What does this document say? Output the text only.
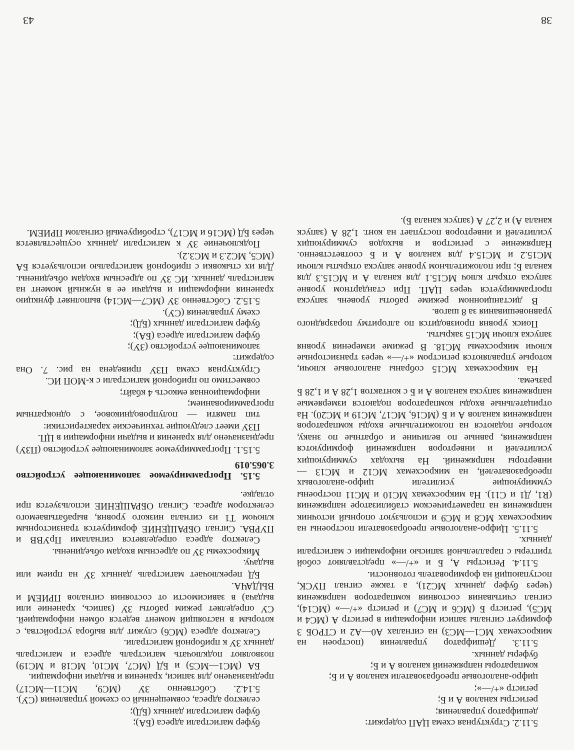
5.11.2. Структурная схема ЦАП содержит:

дешифратор управления;

регистры каналов А и Б;

регистр «+/—»;

цифро-аналоговые преобразователи каналов А и Б;

компараторы напряжений каналов А и Б;

буферы данных.

5.11.3. Дешифратор управления (построен на микросхемах МС1—МС3) на сигналах А0—А2 и СТРОБ 3 формирует сигналы записи информации в регистр А (МС4 и МС5), регистр Б (МС6 и МС7) и регистр «+/—» (МС14), сигнал считывания состояния компараторов напряжения (через буфер данных МС21), а также сигнал ПУСК, поступающий на формирователь готовности.

5.11.4. Регистры А, Б и «+/—» представляют собой триггеры с параллельной записью информации с магистрали данных.

5.11.5. Цифро-аналоговые преобразователи построены на микросхемах МС8 и МС9 и используют опорный источник напряжения на параметрическом стабилизаторе напряжения (R1, Д1 и С11). На микросхемах МС10 и МС11 построены суммирующие усилители цифро-аналоговых преобразователей, на микросхемах МС12 и МС13 — инверторы напряжений. На выходах суммирующих усилителей и инверторов напряжений формируются напряжения, равные по величине и обратные по знаку, которые подаются на положительные входы компараторов напряжения каналов А и Б (МС16, МС17, МС19 и МС20). На отрицательные входы компараторов подаются измеряемые напряжения запуска каналов А и Б с контактов 1,28 А и 1,28 Б разъема.

На микросхемах МС15 собраны аналоговые ключи, которые управляются регистром «+/—» через транзисторные ключи микросхемы МС18. В режиме измерения уровня запуска ключи МС15 закрыты.

Поиск уровня производится по алгоритму поразрядного уравновешивания за 8 шагов.

В дистанционном режиме работы уровень запуска программируется через ЦАП. При стандартном уровне запуска открыт ключ МС15.1 для канала А и МС15.3 для канала Б; при положительном уровне запуска открыты ключи МС15.2 и МС15.4 для каналов А и Б соответственно. Напряжение с регистров и выходов суммирующих усилителей и инверторов поступает на конт. 1,28 А (запуск канала А) и 2,27 А (запуск канала Б).

буфер магистрали адреса (БА);

буфер магистрали данных (БД);

селектор адреса, совмещенный со схемой управления (СУ).

5.14.2. Собственно ЗУ (МС9, МС11—МС17) предназначено для записи, хранения и выдачи информации.

БА (МС1—МС5) и БД (МС7, МС10, МС18 и МС19) позволяют подключать магистраль адреса и магистраль данных ЗУ к приборной магистрали.

Селектор адреса (МС6) служит для выбора устройства, с которым в настоящий момент ведется обмен информацией. СУ определяет режим работы ЗУ (запись, хранение или выдача) в зависимости от состояния сигналов ПРИЕМ и ВЫДАЧА.

БД переключает магистраль данных ЗУ на прием или выдачу.

Микросхемы ЗУ по адресным входам объединены.

Селектор адреса определяется сигналами ПрУВВ и ПУРВА. Сигнал ОБРАЩЕНИЕ формируется транзисторным ключом Т1 из сигнала низкого уровня, вырабатываемого селектором адреса. Сигнал ОБРАЩЕНИЕ используется при отладке.

5.15. Программируемое запоминающее устройство 3.065.019

5.15.1. Программируемое запоминающее устройство (ПЗУ) предназначено для хранения и выдачи информации в ЦП.

ПЗУ имеет следующие технические характеристики:

тип памяти — полупроводниковое, с однократным программированием;

информационная емкость 4 кбайт;

совместимо по приборной магистрали с к-МОП ИС.

Структурная схема ПЗУ приведена на рис. 7. Она содержит:

запоминающее устройство (ЗУ);

буфер магистрали адреса (БА);

буфер магистрали данных (БД);

схему управления (СУ).

5.15.2. Собственно ЗУ (МС7—МС14) выполняет функцию хранения информации и выдачи ее в нужный момент на магистраль данных. ИС ЗУ по адресным входам объединены. Для их стыковки с приборной магистралью используется БА (МС5, МС2.3 и МС3.2).

Подключение ЗУ к магистрали данных осуществляется через БД (МС16 и МС17), стробируемый сигналом ПРИЕМ.

38
43
